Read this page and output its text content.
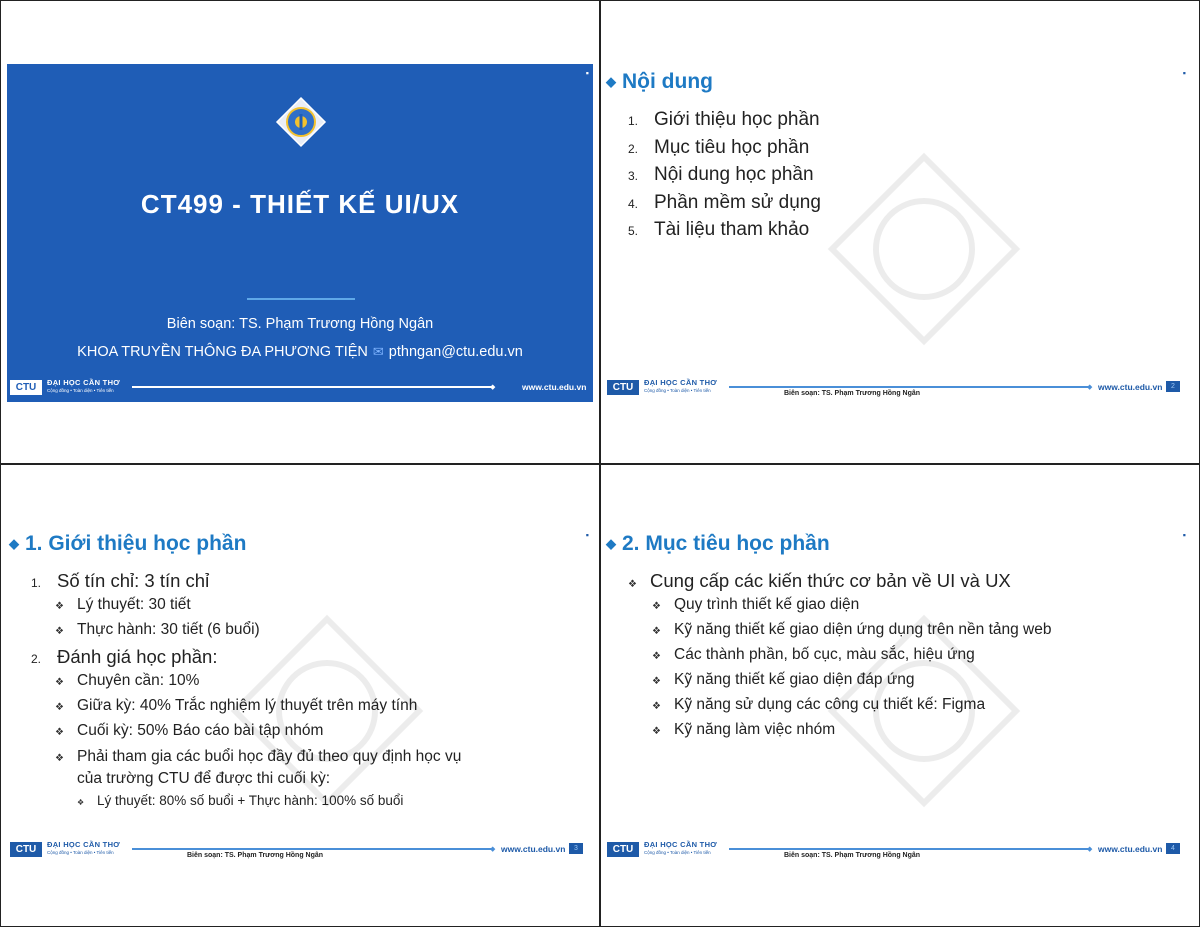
▪
CT499 - THIẾT KẾ UI/UX
Biên soạn: TS. Phạm Trương Hồng Ngân
KHOA TRUYỀN THÔNG ĐA PHƯƠNG TIỆN ✉ pthngan@ctu.edu.vn
CTU	ĐẠI HỌC CẦN THƠ
Cộng đồng • Toàn diện • Tiên tiến	◆	www.ctu.edu.vn
▪
◆ Nội dung
1. Giới thiệu học phần
2. Mục tiêu học phần
3. Nội dung học phần
4. Phần mềm sử dụng
5. Tài liệu tham khảo
CTU	ĐẠI HỌC CẦN THƠ
Cộng đồng • Toàn diện • Tiên tiến	◆ www.ctu.edu.vn	2
Biên soạn: TS. Phạm Trương Hồng Ngân
▪
◆ 1. Giới thiệu học phần
1. Số tín chỉ: 3 tín chỉ
❖ Lý thuyết: 30 tiết
❖ Thực hành: 30 tiết (6 buổi)
2. Đánh giá học phần:
❖ Chuyên cần: 10%
❖ Giữa kỳ: 40% Trắc nghiệm lý thuyết trên máy tính
❖ Cuối kỳ: 50% Báo cáo bài tập nhóm
❖ Phải tham gia các buổi học đầy đủ theo quy định học vụ
của trường CTU để được thi cuối kỳ:
❖ Lý thuyết: 80% số buổi + Thực hành: 100% số buổi
CTU	ĐẠI HỌC CẦN THƠ
Cộng đồng • Toàn diện • Tiên tiến	◆ www.ctu.edu.vn	3
Biên soạn: TS. Phạm Trương Hồng Ngân
▪
◆ 2. Mục tiêu học phần
❖ Cung cấp các kiến thức cơ bản về UI và UX
❖ Quy trình thiết kế giao diện
❖ Kỹ năng thiết kế giao diện ứng dụng trên nền tảng web
❖ Các thành phần, bố cục, màu sắc, hiệu ứng
❖ Kỹ năng thiết kế giao diện đáp ứng
❖ Kỹ năng sử dụng các công cụ thiết kế: Figma
❖ Kỹ năng làm việc nhóm
CTU	ĐẠI HỌC CẦN THƠ
Cộng đồng • Toàn diện • Tiên tiến	◆ www.ctu.edu.vn	4
Biên soạn: TS. Phạm Trương Hồng Ngân
